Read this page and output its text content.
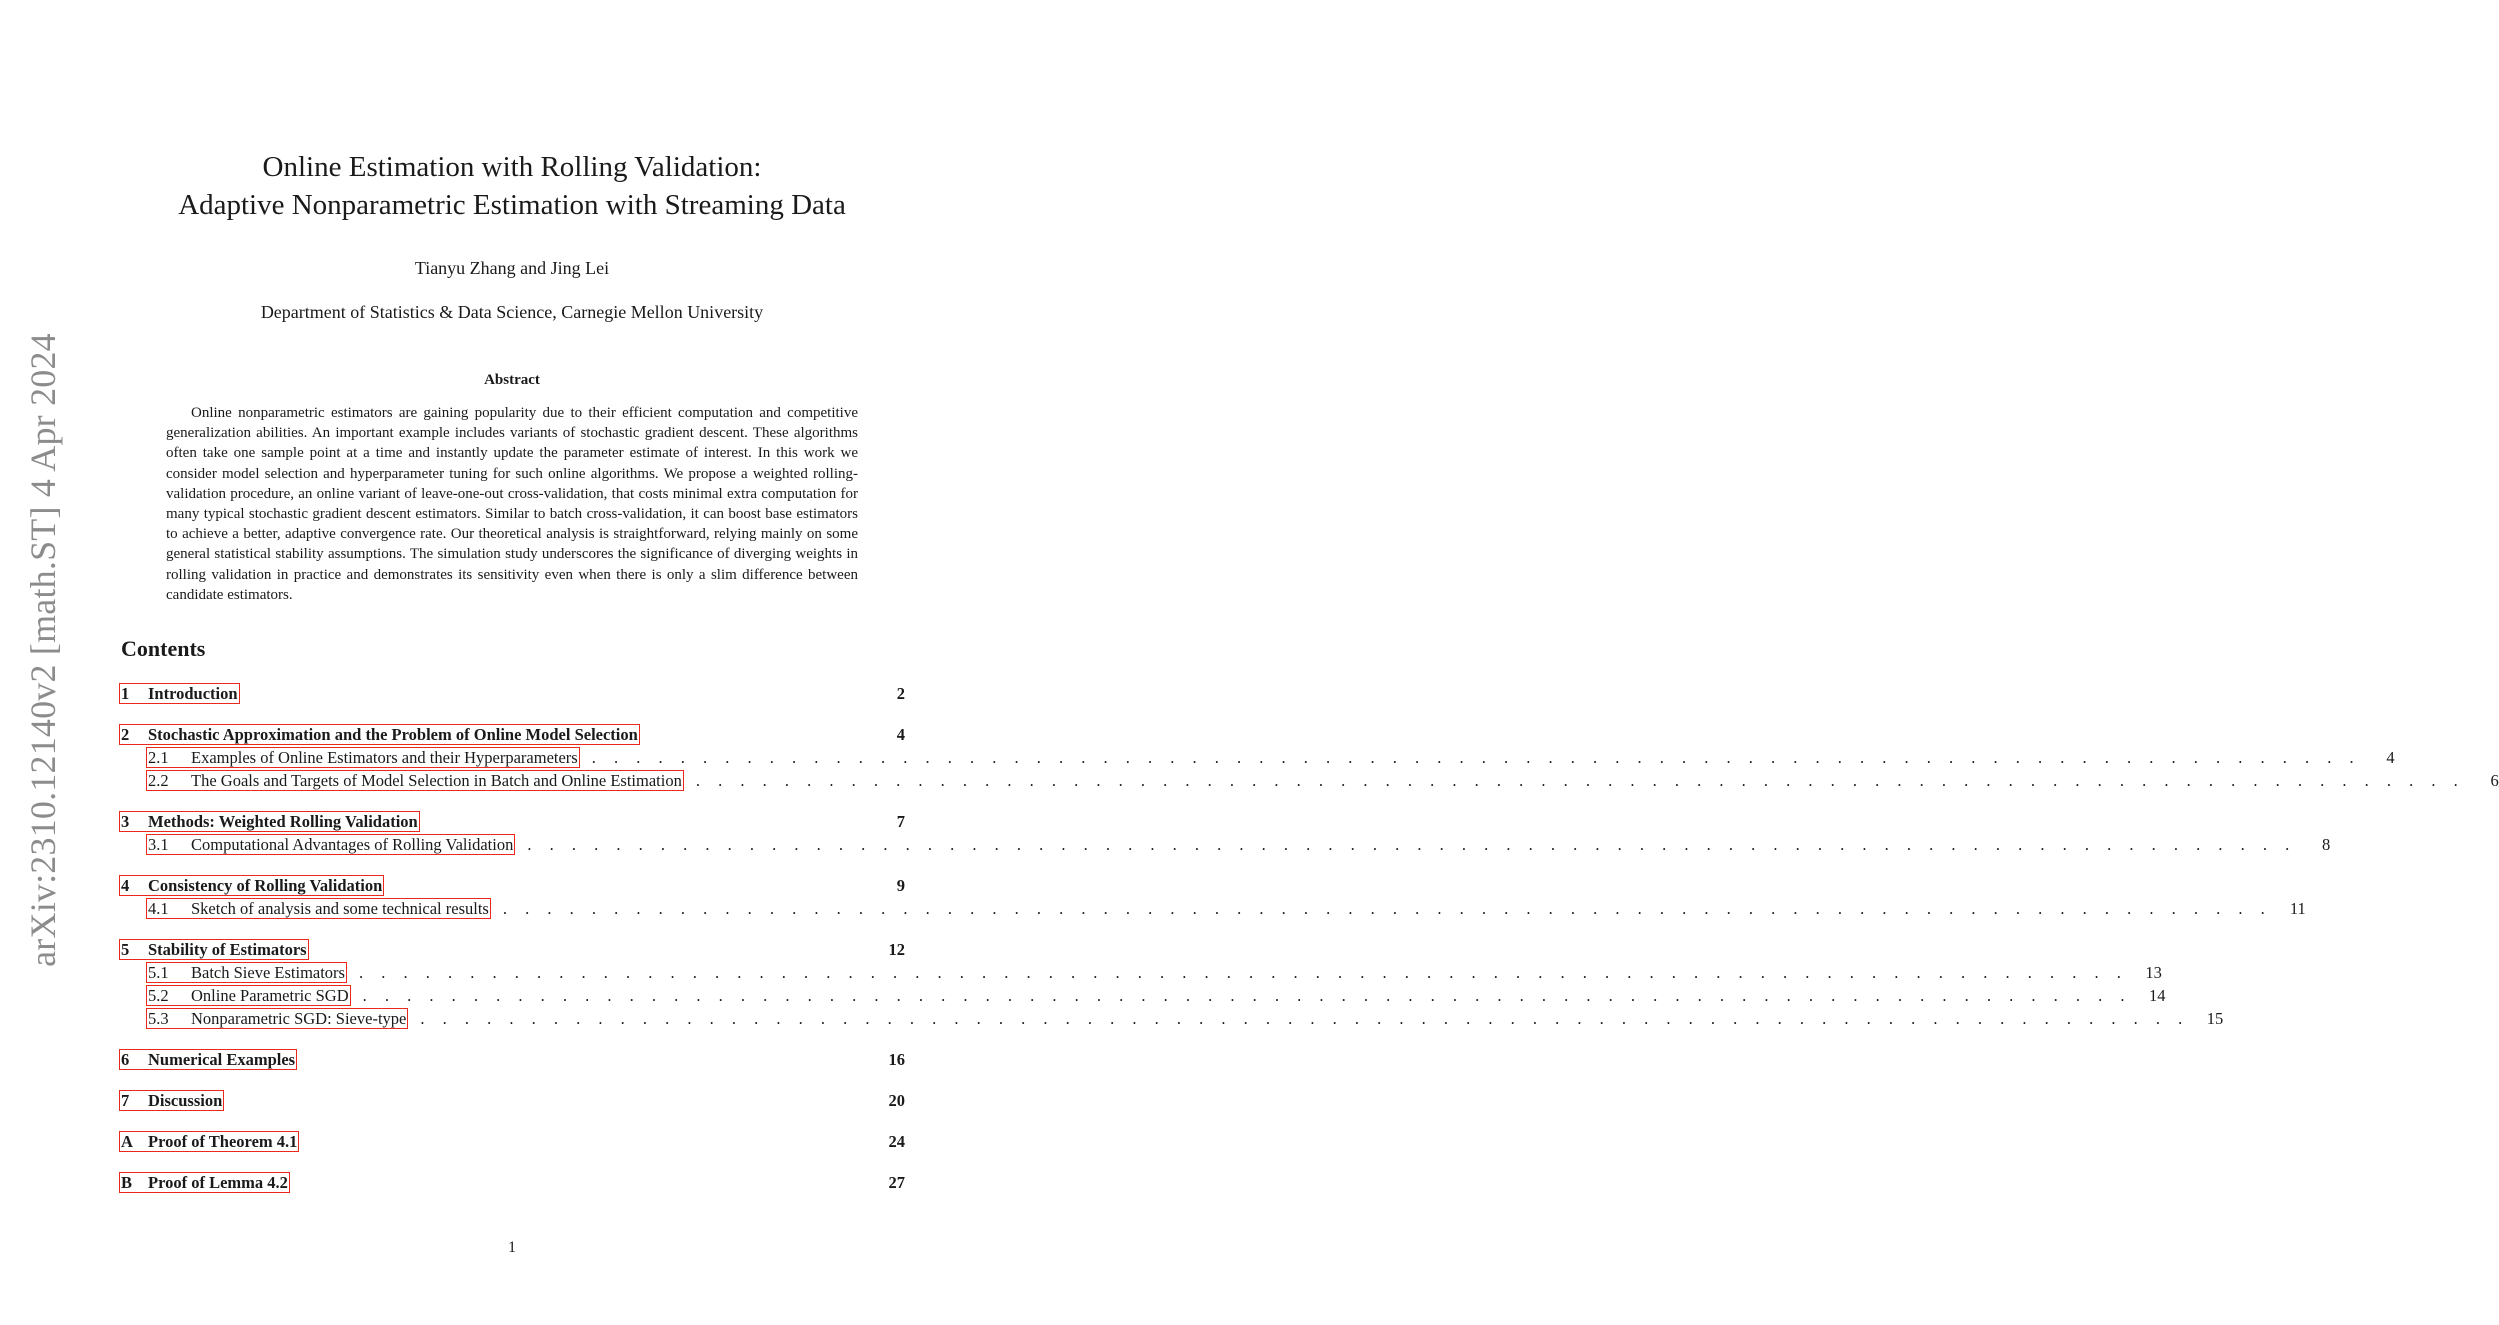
arXiv:2310.12140v2 [math.ST] 4 Apr 2024
Online Estimation with Rolling Validation:
Adaptive Nonparametric Estimation with Streaming Data
Tianyu Zhang and Jing Lei
Department of Statistics & Data Science, Carnegie Mellon University
Abstract
Online nonparametric estimators are gaining popularity due to their efficient computation and competitive generalization abilities. An important example includes variants of stochastic gradient descent. These algorithms often take one sample point at a time and instantly update the parameter estimate of interest. In this work we consider model selection and hyperparameter tuning for such online algorithms. We propose a weighted rolling-validation procedure, an online variant of leave-one-out cross-validation, that costs minimal extra computation for many typical stochastic gradient descent estimators. Similar to batch cross-validation, it can boost base estimators to achieve a better, adaptive convergence rate. Our theoretical analysis is straightforward, relying mainly on some general statistical stability assumptions. The simulation study underscores the significance of diverging weights in rolling validation in practice and demonstrates its sensitivity even when there is only a slim difference between candidate estimators.
Contents
1 Introduction	2
2 Stochastic Approximation and the Problem of Online Model Selection	4
2.1 Examples of Online Estimators and their Hyperparameters . . . . . . . . . . . . . . . . . . . . . . . . . . . . . . . . . . . . . . . . . . . . . . . . . . . . . . . . . . . . . . . . . . . . . . . . . . . . . . . .	4
2.2 The Goals and Targets of Model Selection in Batch and Online Estimation . . . . . . . . . . . . . . . . . . . . . . . . . . . . . . . . . . . . . . . . . . . . . . . . . . . . . . . . . . . . . . . . . . . . . . . . . . . . . . . .	6
3 Methods: Weighted Rolling Validation	7
3.1 Computational Advantages of Rolling Validation . . . . . . . . . . . . . . . . . . . . . . . . . . . . . . . . . . . . . . . . . . . . . . . . . . . . . . . . . . . . . . . . . . . . . . . . . . . . . . . .	8
4 Consistency of Rolling Validation	9
4.1 Sketch of analysis and some technical results . . . . . . . . . . . . . . . . . . . . . . . . . . . . . . . . . . . . . . . . . . . . . . . . . . . . . . . . . . . . . . . . . . . . . . . . . . . . . . . .	11
5 Stability of Estimators	12
5.1 Batch Sieve Estimators . . . . . . . . . . . . . . . . . . . . . . . . . . . . . . . . . . . . . . . . . . . . . . . . . . . . . . . . . . . . . . . . . . . . . . . . . . . . . . . .	13
5.2 Online Parametric SGD . . . . . . . . . . . . . . . . . . . . . . . . . . . . . . . . . . . . . . . . . . . . . . . . . . . . . . . . . . . . . . . . . . . . . . . . . . . . . . . .	14
5.3 Nonparametric SGD: Sieve-type . . . . . . . . . . . . . . . . . . . . . . . . . . . . . . . . . . . . . . . . . . . . . . . . . . . . . . . . . . . . . . . . . . . . . . . . . . . . . . . .	15
6 Numerical Examples	16
7 Discussion	20
A Proof of Theorem 4.1	24
B Proof of Lemma 4.2	27
1
